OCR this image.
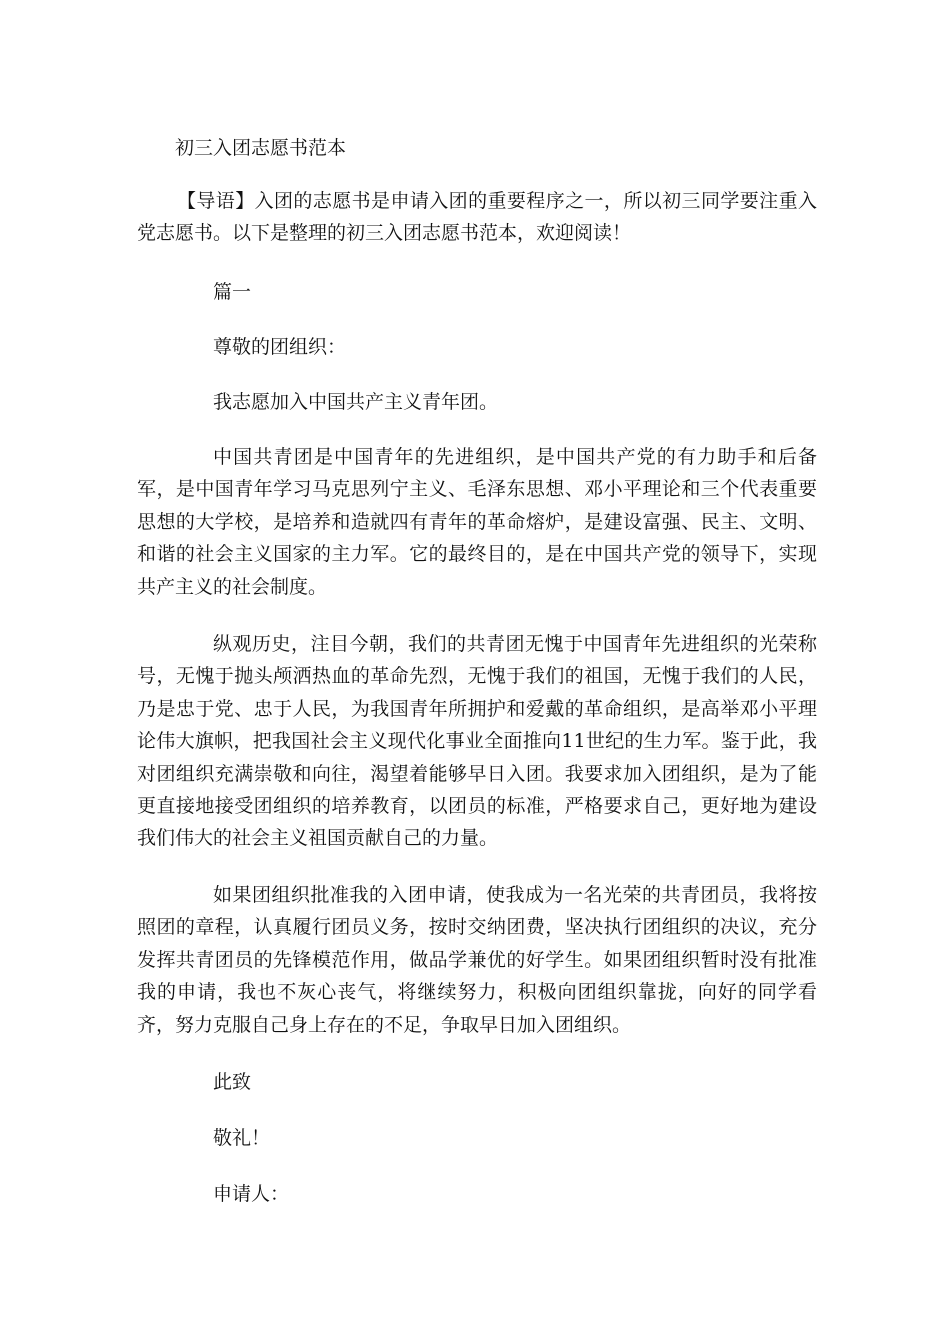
初三入团志愿书范本

【导语】入团的志愿书是申请入团的重要程序之一，所以初三同学要注重入党志愿书。以下是整理的初三入团志愿书范本，欢迎阅读！

篇一

尊敬的团组织：

我志愿加入中国共产主义青年团。

中国共青团是中国青年的先进组织，是中国共产党的有力助手和后备军，是中国青年学习马克思列宁主义、毛泽东思想、邓小平理论和三个代表重要思想的大学校，是培养和造就四有青年的革命熔炉，是建设富强、民主、文明、和谐的社会主义国家的主力军。它的最终目的，是在中国共产党的领导下，实现共产主义的社会制度。

纵观历史，注目今朝，我们的共青团无愧于中国青年先进组织的光荣称号，无愧于抛头颅洒热血的革命先烈，无愧于我们的祖国，无愧于我们的人民，乃是忠于党、忠于人民，为我国青年所拥护和爱戴的革命组织，是高举邓小平理论伟大旗帜，把我国社会主义现代化事业全面推向11世纪的生力军。鉴于此，我对团组织充满崇敬和向往，渴望着能够早日入团。我要求加入团组织，是为了能更直接地接受团组织的培养教育，以团员的标准，严格要求自己，更好地为建设我们伟大的社会主义祖国贡献自己的力量。

如果团组织批准我的入团申请，使我成为一名光荣的共青团员，我将按照团的章程，认真履行团员义务，按时交纳团费，坚决执行团组织的决议，充分发挥共青团员的先锋模范作用，做品学兼优的好学生。如果团组织暂时没有批准我的申请，我也不灰心丧气，将继续努力，积极向团组织靠拢，向好的同学看齐，努力克服自己身上存在的不足，争取早日加入团组织。

此致

敬礼！

申请人：
